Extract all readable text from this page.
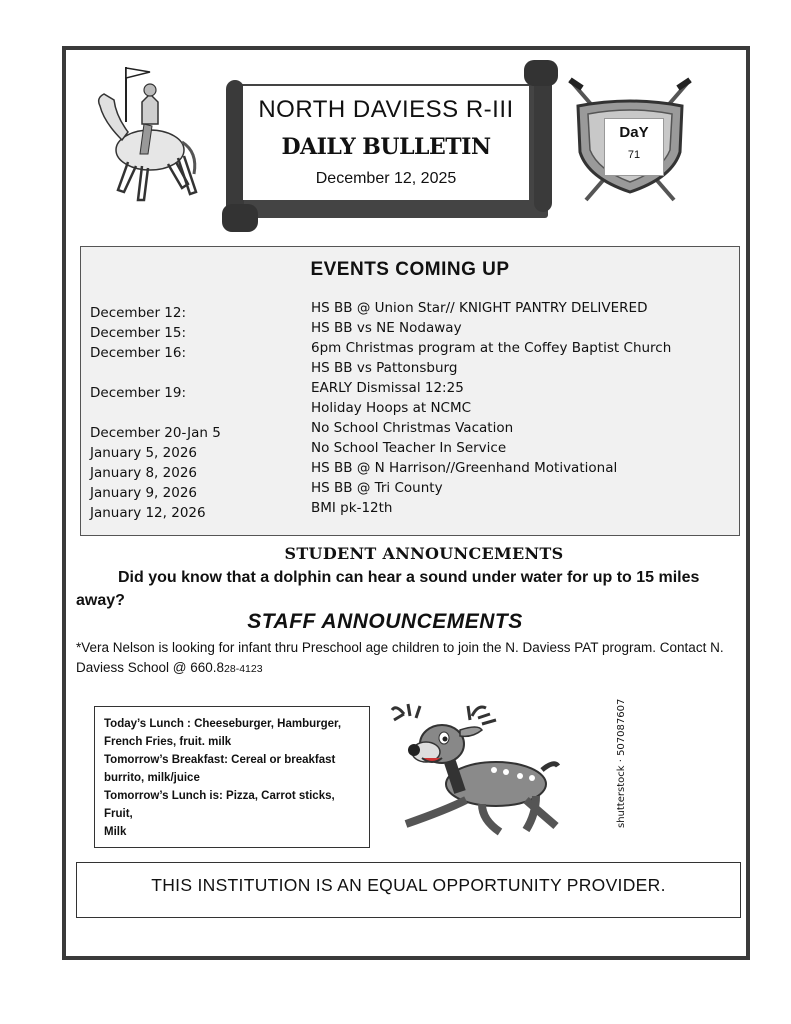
NORTH DAVIESS R-III
DAILY BULLETIN
December 12, 2025
DaY
71
EVENTS COMING UP
December 12:	HS BB @ Union Star// KNIGHT PANTRY DELIVERED
December 15:	HS BB vs NE Nodaway
December 16:	6pm Christmas program at the Coffey Baptist Church
HS BB vs Pattonsburg
December 19:	EARLY Dismissal 12:25
Holiday Hoops at NCMC
December 20-Jan 5	No School Christmas Vacation
January 5, 2026	No School Teacher In Service
January 8, 2026	HS BB @ N Harrison//Greenhand Motivational
January 9, 2026	HS BB @ Tri County
January 12, 2026	BMI pk-12th
STUDENT ANNOUNCEMENTS
Did you know that a dolphin can hear a sound under water for up to 15 miles away?
STAFF ANNOUNCEMENTS
*Vera Nelson is looking for infant thru Preschool age children to join the N. Daviess PAT program. Contact N. Daviess School @ 660.828-4123
Today’s Lunch : Cheeseburger, Hamburger,
French Fries, fruit. milk
Tomorrow’s Breakfast: Cereal or breakfast
burrito, milk/juice
Tomorrow’s Lunch is: Pizza, Carrot sticks, Fruit,
Milk
shutterstock · 507087607
THIS INSTITUTION IS AN EQUAL OPPORTUNITY PROVIDER.
